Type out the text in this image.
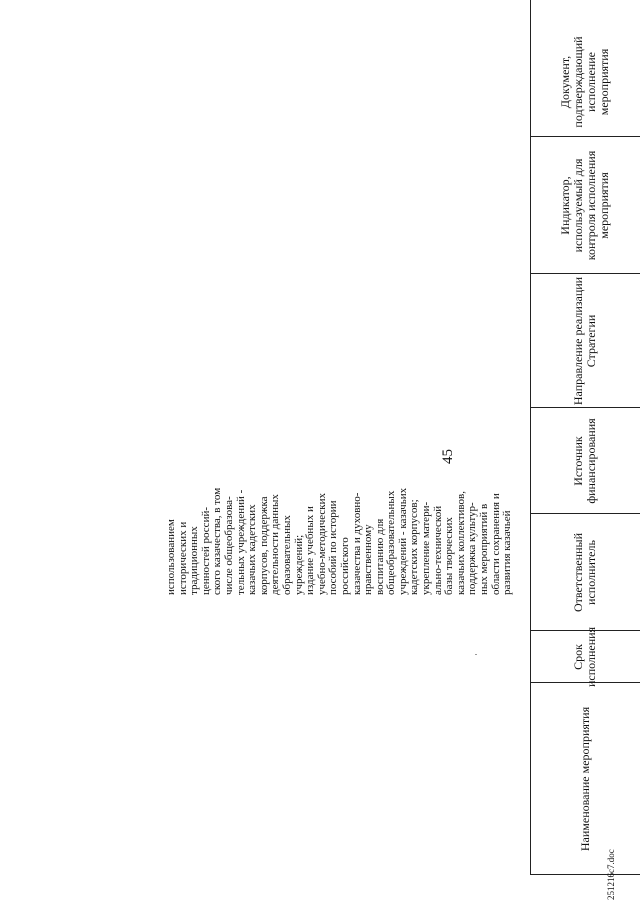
45
Наименование мероприятия
Срок исполнения
Ответственный исполнитель
Источник финансирования
Направление реализации Стратегии
Индикатор, используемый для контроля исполнения мероприятия
Документ, подтверждающий исполнение мероприятия
использованием
исторических и
традиционных
ценностей россий-
ского казачества, в том
числе общеобразова-
тельных учреждений -
казачьих кадетских
корпусов, поддержка
деятельности данных
образовательных
учреждений;
издание учебных и
учебно-методических
пособий по истории
российского
казачества и духовно-
нравственному
воспитанию для
общеобразовательных
учреждений - казачьих
кадетских корпусов;
укрепление матери-
ально-технической
базы творческих
казачьих коллективов,
поддержка культур-
ных мероприятий в
области сохранения и
развития казачьей
251216с7.doc
